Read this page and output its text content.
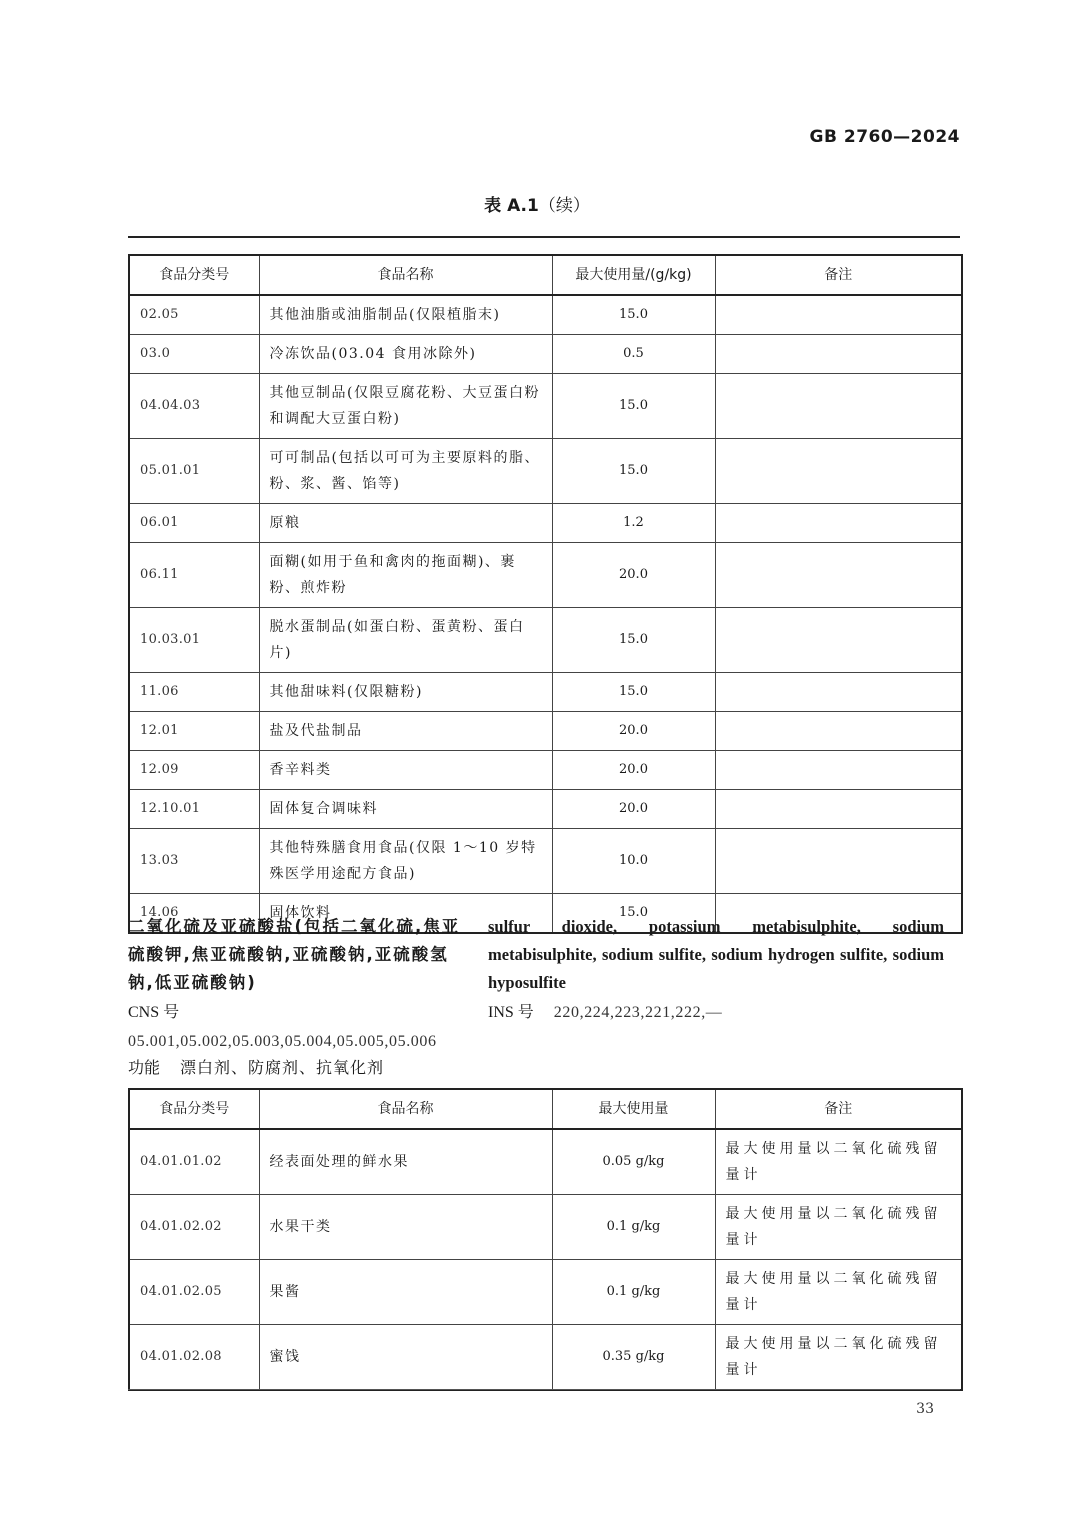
GB 2760—2024
表 A.1（续）
食品分类号	食品名称	最大使用量/(g/kg)	备注
02.05	其他油脂或油脂制品(仅限植脂末)	15.0	
03.0	冷冻饮品(03.04 食用冰除外)	0.5	
04.04.03	其他豆制品(仅限豆腐花粉、大豆蛋白粉和调配大豆蛋白粉)	15.0	
05.01.01	可可制品(包括以可可为主要原料的脂、粉、浆、酱、馅等)	15.0	
06.01	原粮	1.2	
06.11	面糊(如用于鱼和禽肉的拖面糊)、裹粉、煎炸粉	20.0	
10.03.01	脱水蛋制品(如蛋白粉、蛋黄粉、蛋白片)	15.0	
11.06	其他甜味料(仅限糖粉)	15.0	
12.01	盐及代盐制品	20.0	
12.09	香辛料类	20.0	
12.10.01	固体复合调味料	20.0	
13.03	其他特殊膳食用食品(仅限 1～10 岁特殊医学用途配方食品)	10.0	
14.06	固体饮料	15.0	
二氧化硫及亚硫酸盐(包括二氧化硫,焦亚硫酸钾,焦亚硫酸钠,亚硫酸钠,亚硫酸氢钠,低亚硫酸钠)
sulfur dioxide, potassium metabisulphite, sodium metabisulphite, sodium sulfite, sodium hydrogen sulfite, sodium hyposulfite
CNS 号05.001,05.002,05.003,05.004,05.005,05.006
INS 号 220,224,223,221,222,—
功能 漂白剂、防腐剂、抗氧化剂
食品分类号	食品名称	最大使用量	备注
04.01.01.02	经表面处理的鲜水果	0.05 g/kg	最大使用量以二氧化硫残留量计
04.01.02.02	水果干类	0.1 g/kg	最大使用量以二氧化硫残留量计
04.01.02.05	果酱	0.1 g/kg	最大使用量以二氧化硫残留量计
04.01.02.08	蜜饯	0.35 g/kg	最大使用量以二氧化硫残留量计
33
